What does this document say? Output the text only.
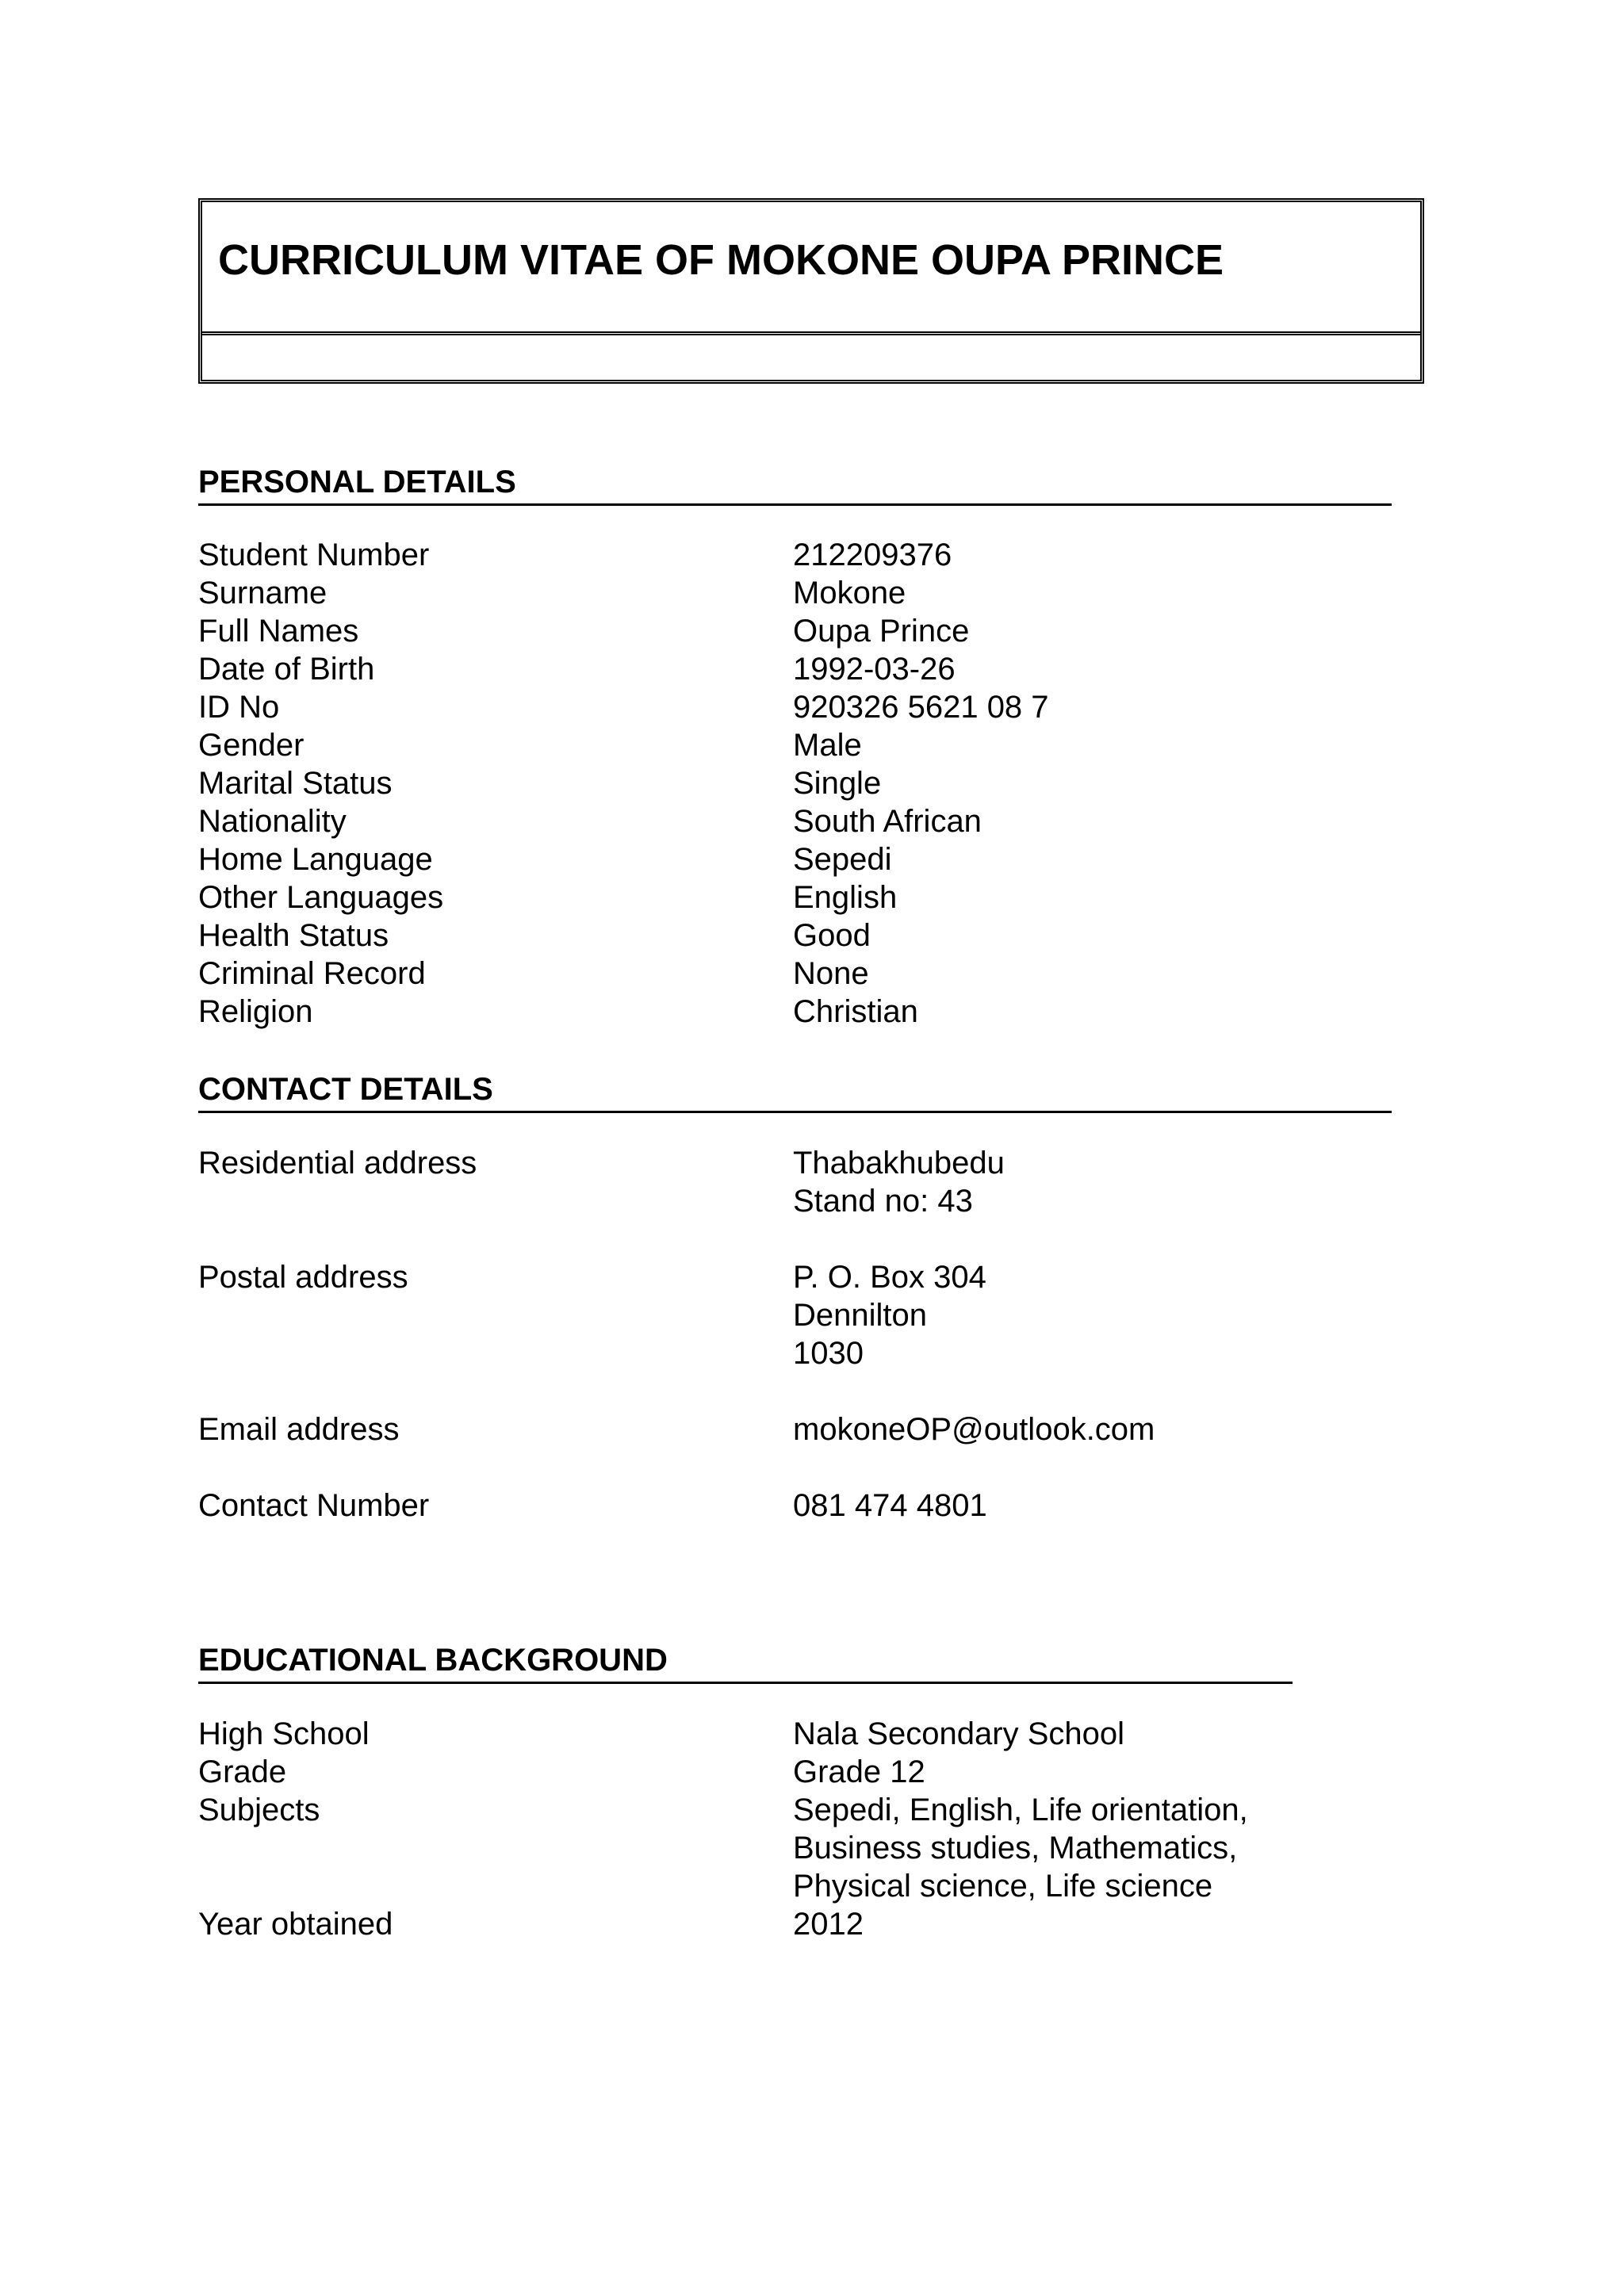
CURRICULUM VITAE OF MOKONE OUPA PRINCE
PERSONAL DETAILS
Student Number	212209376
Surname	Mokone
Full Names	Oupa Prince
Date of Birth	1992-03-26
ID No	920326 5621 08 7
Gender	Male
Marital Status	Single
Nationality	South African
Home Language	Sepedi
Other Languages	English
Health Status	Good
Criminal Record	None
Religion	Christian
CONTACT DETAILS
Residential address	Thabakhubedu
Stand no: 43
Postal address	P. O. Box 304
Dennilton
1030
Email address	mokoneOP@outlook.com
Contact Number	081 474 4801
EDUCATIONAL BACKGROUND
High School	Nala Secondary School
Grade	Grade 12
Subjects	Sepedi, English, Life orientation,
Business studies, Mathematics,
Physical science, Life science
Year obtained	2012
